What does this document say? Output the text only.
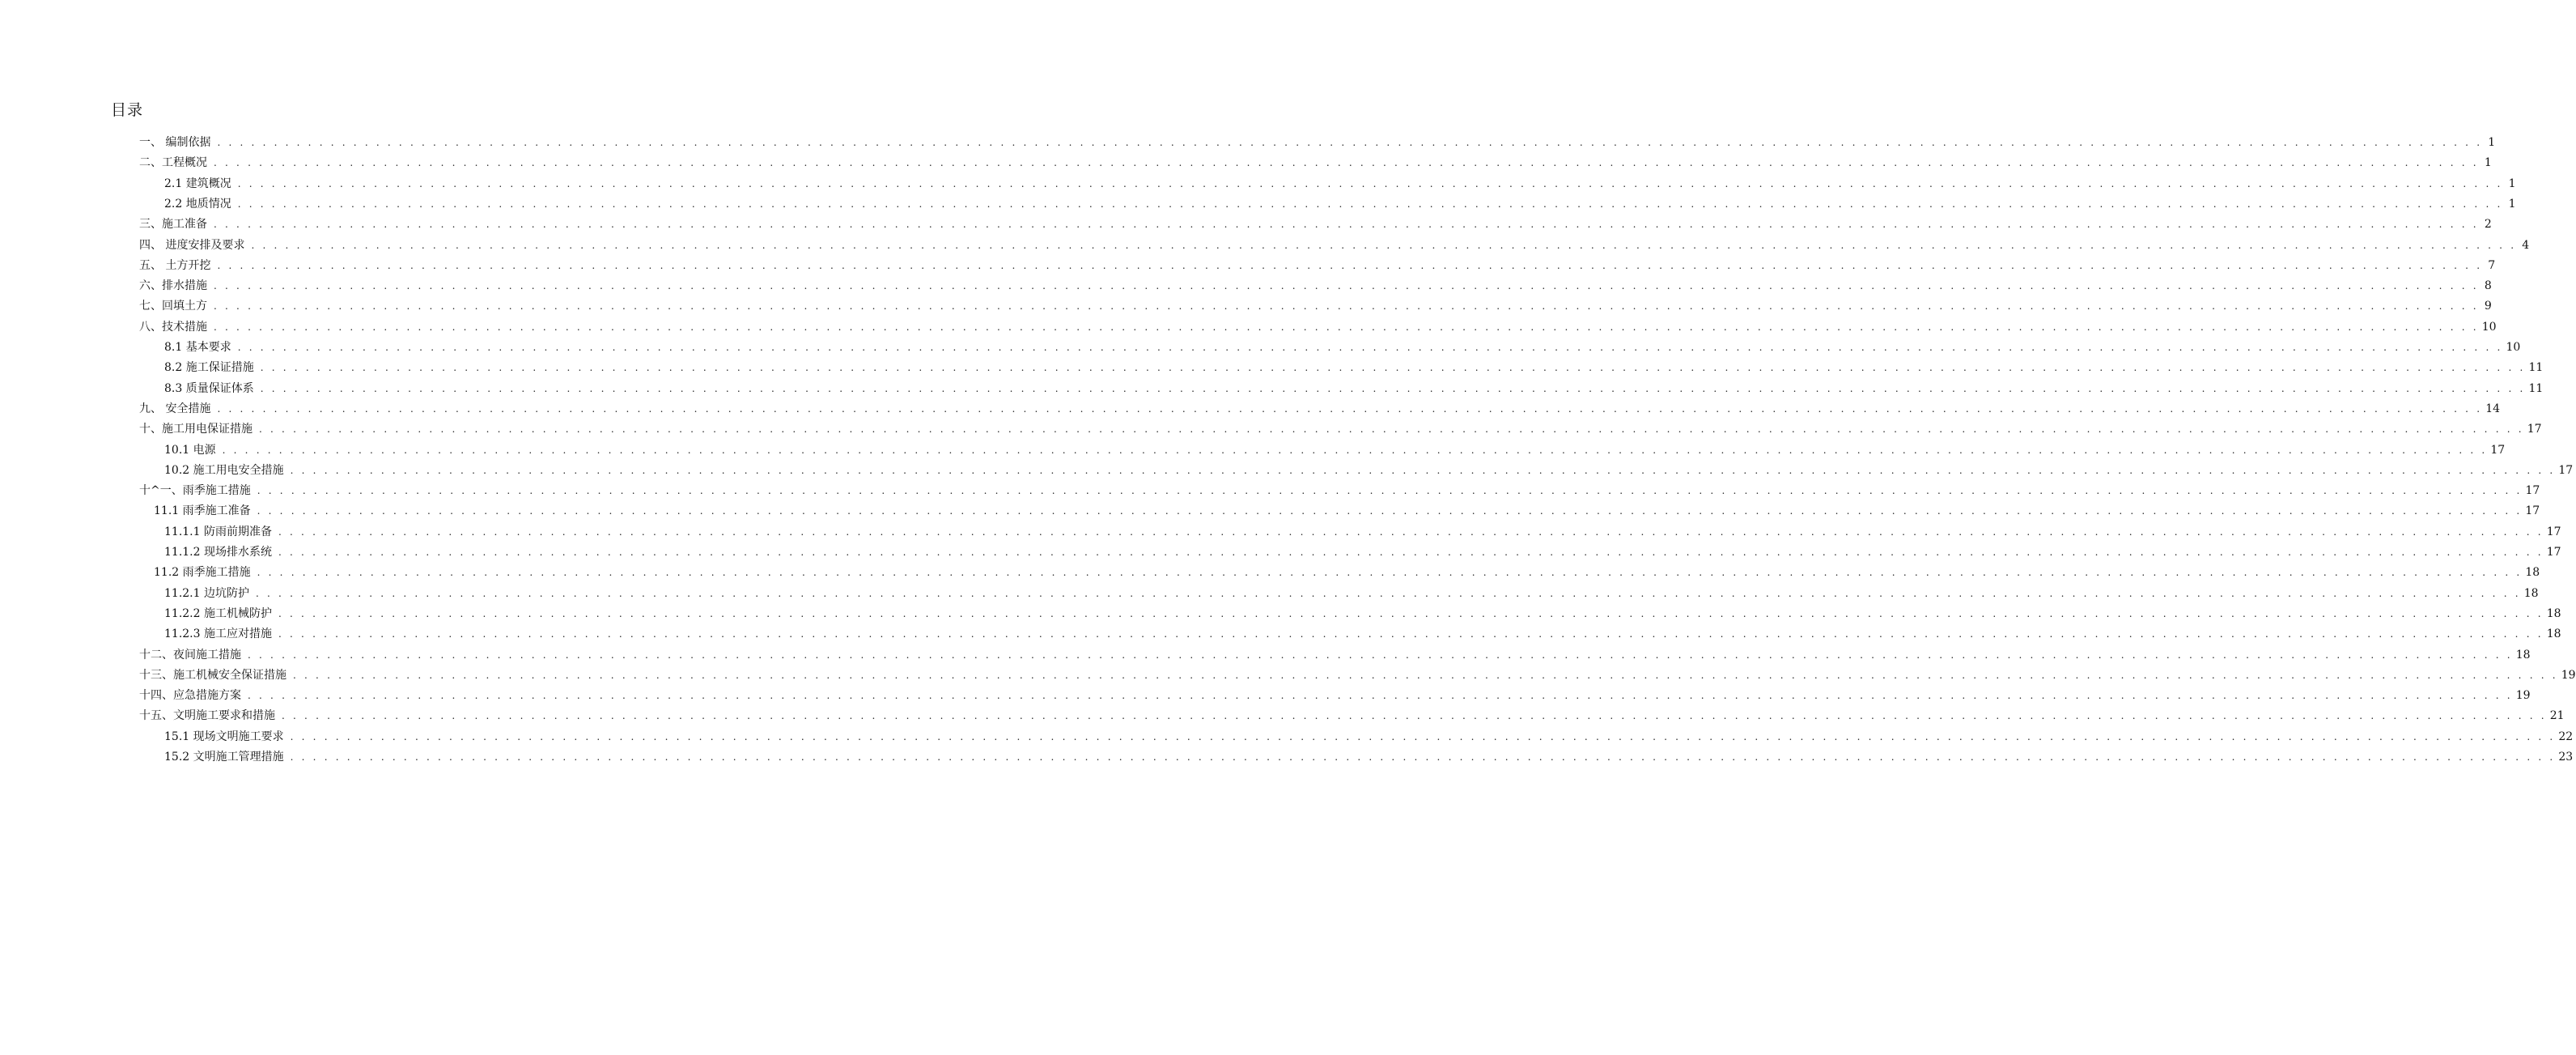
目录
一、 编制依据 . . . . . . . . . . . . . . . . . . . . . . . . . . . . . . . . . . . . . . . . . . . . . . . . . . . . . . . . . . . . . . . . . . . . . . . . . . . . . . . . . . . . . . . . . . . . . . . . . . . . . . . . . . . . . . . . . . . . . . . . . . . . . . . . . . . . . . . . . . . . . . . . . . . . . . . . . . . . . . . . . . . . . . . . . . . . . . . . . . . . . . . . . . . . . . . . . . . . . . . . 1
二、工程概况 . . . . . . . . . . . . . . . . . . . . . . . . . . . . . . . . . . . . . . . . . . . . . . . . . . . . . . . . . . . . . . . . . . . . . . . . . . . . . . . . . . . . . . . . . . . . . . . . . . . . . . . . . . . . . . . . . . . . . . . . . . . . . . . . . . . . . . . . . . . . . . . . . . . . . . . . . . . . . . . . . . . . . . . . . . . . . . . . . . . . . . . . . . . . . . . . . . . . . . . . 1
2.1 建筑概况 . . . . . . . . . . . . . . . . . . . . . . . . . . . . . . . . . . . . . . . . . . . . . . . . . . . . . . . . . . . . . . . . . . . . . . . . . . . . . . . . . . . . . . . . . . . . . . . . . . . . . . . . . . . . . . . . . . . . . . . . . . . . . . . . . . . . . . . . . . . . . . . . . . . . . . . . . . . . . . . . . . . . . . . . . . . . . . . . . . . . . . . . . . . . . . . . . . . . . . . . 1
2.2 地质情况 . . . . . . . . . . . . . . . . . . . . . . . . . . . . . . . . . . . . . . . . . . . . . . . . . . . . . . . . . . . . . . . . . . . . . . . . . . . . . . . . . . . . . . . . . . . . . . . . . . . . . . . . . . . . . . . . . . . . . . . . . . . . . . . . . . . . . . . . . . . . . . . . . . . . . . . . . . . . . . . . . . . . . . . . . . . . . . . . . . . . . . . . . . . . . . . . . . . . . . . . 1
三、施工准备 . . . . . . . . . . . . . . . . . . . . . . . . . . . . . . . . . . . . . . . . . . . . . . . . . . . . . . . . . . . . . . . . . . . . . . . . . . . . . . . . . . . . . . . . . . . . . . . . . . . . . . . . . . . . . . . . . . . . . . . . . . . . . . . . . . . . . . . . . . . . . . . . . . . . . . . . . . . . . . . . . . . . . . . . . . . . . . . . . . . . . . . . . . . . . . . . . . . . . . . . 2
四、 进度安排及要求 . . . . . . . . . . . . . . . . . . . . . . . . . . . . . . . . . . . . . . . . . . . . . . . . . . . . . . . . . . . . . . . . . . . . . . . . . . . . . . . . . . . . . . . . . . . . . . . . . . . . . . . . . . . . . . . . . . . . . . . . . . . . . . . . . . . . . . . . . . . . . . . . . . . . . . . . . . . . . . . . . . . . . . . . . . . . . . . . . . . . . . . . . . . . . . . . . . . . . . . . 4
五、 土方开挖 . . . . . . . . . . . . . . . . . . . . . . . . . . . . . . . . . . . . . . . . . . . . . . . . . . . . . . . . . . . . . . . . . . . . . . . . . . . . . . . . . . . . . . . . . . . . . . . . . . . . . . . . . . . . . . . . . . . . . . . . . . . . . . . . . . . . . . . . . . . . . . . . . . . . . . . . . . . . . . . . . . . . . . . . . . . . . . . . . . . . . . . . . . . . . . . . . . . . . . . . 7
六、排水措施 . . . . . . . . . . . . . . . . . . . . . . . . . . . . . . . . . . . . . . . . . . . . . . . . . . . . . . . . . . . . . . . . . . . . . . . . . . . . . . . . . . . . . . . . . . . . . . . . . . . . . . . . . . . . . . . . . . . . . . . . . . . . . . . . . . . . . . . . . . . . . . . . . . . . . . . . . . . . . . . . . . . . . . . . . . . . . . . . . . . . . . . . . . . . . . . . . . . . . . . . 8
七、回填土方 . . . . . . . . . . . . . . . . . . . . . . . . . . . . . . . . . . . . . . . . . . . . . . . . . . . . . . . . . . . . . . . . . . . . . . . . . . . . . . . . . . . . . . . . . . . . . . . . . . . . . . . . . . . . . . . . . . . . . . . . . . . . . . . . . . . . . . . . . . . . . . . . . . . . . . . . . . . . . . . . . . . . . . . . . . . . . . . . . . . . . . . . . . . . . . . . . . . . . . . . 9
八、技术措施 . . . . . . . . . . . . . . . . . . . . . . . . . . . . . . . . . . . . . . . . . . . . . . . . . . . . . . . . . . . . . . . . . . . . . . . . . . . . . . . . . . . . . . . . . . . . . . . . . . . . . . . . . . . . . . . . . . . . . . . . . . . . . . . . . . . . . . . . . . . . . . . . . . . . . . . . . . . . . . . . . . . . . . . . . . . . . . . . . . . . . . . . . . . . . . . . . . . . . . . . 10
8.1 基本要求 . . . . . . . . . . . . . . . . . . . . . . . . . . . . . . . . . . . . . . . . . . . . . . . . . . . . . . . . . . . . . . . . . . . . . . . . . . . . . . . . . . . . . . . . . . . . . . . . . . . . . . . . . . . . . . . . . . . . . . . . . . . . . . . . . . . . . . . . . . . . . . . . . . . . . . . . . . . . . . . . . . . . . . . . . . . . . . . . . . . . . . . . . . . . . . . . . . . . . . . . 10
8.2 施工保证措施 . . . . . . . . . . . . . . . . . . . . . . . . . . . . . . . . . . . . . . . . . . . . . . . . . . . . . . . . . . . . . . . . . . . . . . . . . . . . . . . . . . . . . . . . . . . . . . . . . . . . . . . . . . . . . . . . . . . . . . . . . . . . . . . . . . . . . . . . . . . . . . . . . . . . . . . . . . . . . . . . . . . . . . . . . . . . . . . . . . . . . . . . . . . . . . . . . . . . . . . . 11
8.3 质量保证体系 . . . . . . . . . . . . . . . . . . . . . . . . . . . . . . . . . . . . . . . . . . . . . . . . . . . . . . . . . . . . . . . . . . . . . . . . . . . . . . . . . . . . . . . . . . . . . . . . . . . . . . . . . . . . . . . . . . . . . . . . . . . . . . . . . . . . . . . . . . . . . . . . . . . . . . . . . . . . . . . . . . . . . . . . . . . . . . . . . . . . . . . . . . . . . . . . . . . . . . . . 11
九、 安全措施 . . . . . . . . . . . . . . . . . . . . . . . . . . . . . . . . . . . . . . . . . . . . . . . . . . . . . . . . . . . . . . . . . . . . . . . . . . . . . . . . . . . . . . . . . . . . . . . . . . . . . . . . . . . . . . . . . . . . . . . . . . . . . . . . . . . . . . . . . . . . . . . . . . . . . . . . . . . . . . . . . . . . . . . . . . . . . . . . . . . . . . . . . . . . . . . . . . . . . . . . 14
十、施工用电保证措施 . . . . . . . . . . . . . . . . . . . . . . . . . . . . . . . . . . . . . . . . . . . . . . . . . . . . . . . . . . . . . . . . . . . . . . . . . . . . . . . . . . . . . . . . . . . . . . . . . . . . . . . . . . . . . . . . . . . . . . . . . . . . . . . . . . . . . . . . . . . . . . . . . . . . . . . . . . . . . . . . . . . . . . . . . . . . . . . . . . . . . . . . . . . . . . . . . . . . . . . . 17
10.1 电源 . . . . . . . . . . . . . . . . . . . . . . . . . . . . . . . . . . . . . . . . . . . . . . . . . . . . . . . . . . . . . . . . . . . . . . . . . . . . . . . . . . . . . . . . . . . . . . . . . . . . . . . . . . . . . . . . . . . . . . . . . . . . . . . . . . . . . . . . . . . . . . . . . . . . . . . . . . . . . . . . . . . . . . . . . . . . . . . . . . . . . . . . . . . . . . . . . . . . . . . . 17
10.2 施工用电安全措施 . . . . . . . . . . . . . . . . . . . . . . . . . . . . . . . . . . . . . . . . . . . . . . . . . . . . . . . . . . . . . . . . . . . . . . . . . . . . . . . . . . . . . . . . . . . . . . . . . . . . . . . . . . . . . . . . . . . . . . . . . . . . . . . . . . . . . . . . . . . . . . . . . . . . . . . . . . . . . . . . . . . . . . . . . . . . . . . . . . . . . . . . . . . . . . . . . . . . . . . . 17
十^一、雨季施工措施 . . . . . . . . . . . . . . . . . . . . . . . . . . . . . . . . . . . . . . . . . . . . . . . . . . . . . . . . . . . . . . . . . . . . . . . . . . . . . . . . . . . . . . . . . . . . . . . . . . . . . . . . . . . . . . . . . . . . . . . . . . . . . . . . . . . . . . . . . . . . . . . . . . . . . . . . . . . . . . . . . . . . . . . . . . . . . . . . . . . . . . . . . . . . . . . . . . . . . . . . 17
11.1 雨季施工准备 . . . . . . . . . . . . . . . . . . . . . . . . . . . . . . . . . . . . . . . . . . . . . . . . . . . . . . . . . . . . . . . . . . . . . . . . . . . . . . . . . . . . . . . . . . . . . . . . . . . . . . . . . . . . . . . . . . . . . . . . . . . . . . . . . . . . . . . . . . . . . . . . . . . . . . . . . . . . . . . . . . . . . . . . . . . . . . . . . . . . . . . . . . . . . . . . . . . . . . . . 17
11.1.1 防雨前期准备 . . . . . . . . . . . . . . . . . . . . . . . . . . . . . . . . . . . . . . . . . . . . . . . . . . . . . . . . . . . . . . . . . . . . . . . . . . . . . . . . . . . . . . . . . . . . . . . . . . . . . . . . . . . . . . . . . . . . . . . . . . . . . . . . . . . . . . . . . . . . . . . . . . . . . . . . . . . . . . . . . . . . . . . . . . . . . . . . . . . . . . . . . . . . . . . . . . . . . . . . 17
11.1.2 现场排水系统 . . . . . . . . . . . . . . . . . . . . . . . . . . . . . . . . . . . . . . . . . . . . . . . . . . . . . . . . . . . . . . . . . . . . . . . . . . . . . . . . . . . . . . . . . . . . . . . . . . . . . . . . . . . . . . . . . . . . . . . . . . . . . . . . . . . . . . . . . . . . . . . . . . . . . . . . . . . . . . . . . . . . . . . . . . . . . . . . . . . . . . . . . . . . . . . . . . . . . . . . 17
11.2 雨季施工措施 . . . . . . . . . . . . . . . . . . . . . . . . . . . . . . . . . . . . . . . . . . . . . . . . . . . . . . . . . . . . . . . . . . . . . . . . . . . . . . . . . . . . . . . . . . . . . . . . . . . . . . . . . . . . . . . . . . . . . . . . . . . . . . . . . . . . . . . . . . . . . . . . . . . . . . . . . . . . . . . . . . . . . . . . . . . . . . . . . . . . . . . . . . . . . . . . . . . . . . . . 18
11.2.1 边坑防护 . . . . . . . . . . . . . . . . . . . . . . . . . . . . . . . . . . . . . . . . . . . . . . . . . . . . . . . . . . . . . . . . . . . . . . . . . . . . . . . . . . . . . . . . . . . . . . . . . . . . . . . . . . . . . . . . . . . . . . . . . . . . . . . . . . . . . . . . . . . . . . . . . . . . . . . . . . . . . . . . . . . . . . . . . . . . . . . . . . . . . . . . . . . . . . . . . . . . . . . . 18
11.2.2 施工机械防护 . . . . . . . . . . . . . . . . . . . . . . . . . . . . . . . . . . . . . . . . . . . . . . . . . . . . . . . . . . . . . . . . . . . . . . . . . . . . . . . . . . . . . . . . . . . . . . . . . . . . . . . . . . . . . . . . . . . . . . . . . . . . . . . . . . . . . . . . . . . . . . . . . . . . . . . . . . . . . . . . . . . . . . . . . . . . . . . . . . . . . . . . . . . . . . . . . . . . . . . . 18
11.2.3 施工应对措施 . . . . . . . . . . . . . . . . . . . . . . . . . . . . . . . . . . . . . . . . . . . . . . . . . . . . . . . . . . . . . . . . . . . . . . . . . . . . . . . . . . . . . . . . . . . . . . . . . . . . . . . . . . . . . . . . . . . . . . . . . . . . . . . . . . . . . . . . . . . . . . . . . . . . . . . . . . . . . . . . . . . . . . . . . . . . . . . . . . . . . . . . . . . . . . . . . . . . . . . . 18
十二、夜间施工措施 . . . . . . . . . . . . . . . . . . . . . . . . . . . . . . . . . . . . . . . . . . . . . . . . . . . . . . . . . . . . . . . . . . . . . . . . . . . . . . . . . . . . . . . . . . . . . . . . . . . . . . . . . . . . . . . . . . . . . . . . . . . . . . . . . . . . . . . . . . . . . . . . . . . . . . . . . . . . . . . . . . . . . . . . . . . . . . . . . . . . . . . . . . . . . . . . . . . . . . . . 18
十三、施工机械安全保证措施 . . . . . . . . . . . . . . . . . . . . . . . . . . . . . . . . . . . . . . . . . . . . . . . . . . . . . . . . . . . . . . . . . . . . . . . . . . . . . . . . . . . . . . . . . . . . . . . . . . . . . . . . . . . . . . . . . . . . . . . . . . . . . . . . . . . . . . . . . . . . . . . . . . . . . . . . . . . . . . . . . . . . . . . . . . . . . . . . . . . . . . . . . . . . . . . . . . . . . . . . 19
十四、应急措施方案 . . . . . . . . . . . . . . . . . . . . . . . . . . . . . . . . . . . . . . . . . . . . . . . . . . . . . . . . . . . . . . . . . . . . . . . . . . . . . . . . . . . . . . . . . . . . . . . . . . . . . . . . . . . . . . . . . . . . . . . . . . . . . . . . . . . . . . . . . . . . . . . . . . . . . . . . . . . . . . . . . . . . . . . . . . . . . . . . . . . . . . . . . . . . . . . . . . . . . . . . 19
十五、文明施工要求和措施 . . . . . . . . . . . . . . . . . . . . . . . . . . . . . . . . . . . . . . . . . . . . . . . . . . . . . . . . . . . . . . . . . . . . . . . . . . . . . . . . . . . . . . . . . . . . . . . . . . . . . . . . . . . . . . . . . . . . . . . . . . . . . . . . . . . . . . . . . . . . . . . . . . . . . . . . . . . . . . . . . . . . . . . . . . . . . . . . . . . . . . . . . . . . . . . . . . . . . . . . 21
15.1 现场文明施工要求 . . . . . . . . . . . . . . . . . . . . . . . . . . . . . . . . . . . . . . . . . . . . . . . . . . . . . . . . . . . . . . . . . . . . . . . . . . . . . . . . . . . . . . . . . . . . . . . . . . . . . . . . . . . . . . . . . . . . . . . . . . . . . . . . . . . . . . . . . . . . . . . . . . . . . . . . . . . . . . . . . . . . . . . . . . . . . . . . . . . . . . . . . . . . . . . . . . . . . . . . 22
15.2 文明施工管理措施 . . . . . . . . . . . . . . . . . . . . . . . . . . . . . . . . . . . . . . . . . . . . . . . . . . . . . . . . . . . . . . . . . . . . . . . . . . . . . . . . . . . . . . . . . . . . . . . . . . . . . . . . . . . . . . . . . . . . . . . . . . . . . . . . . . . . . . . . . . . . . . . . . . . . . . . . . . . . . . . . . . . . . . . . . . . . . . . . . . . . . . . . . . . . . . . . . . . . . . . . 23
